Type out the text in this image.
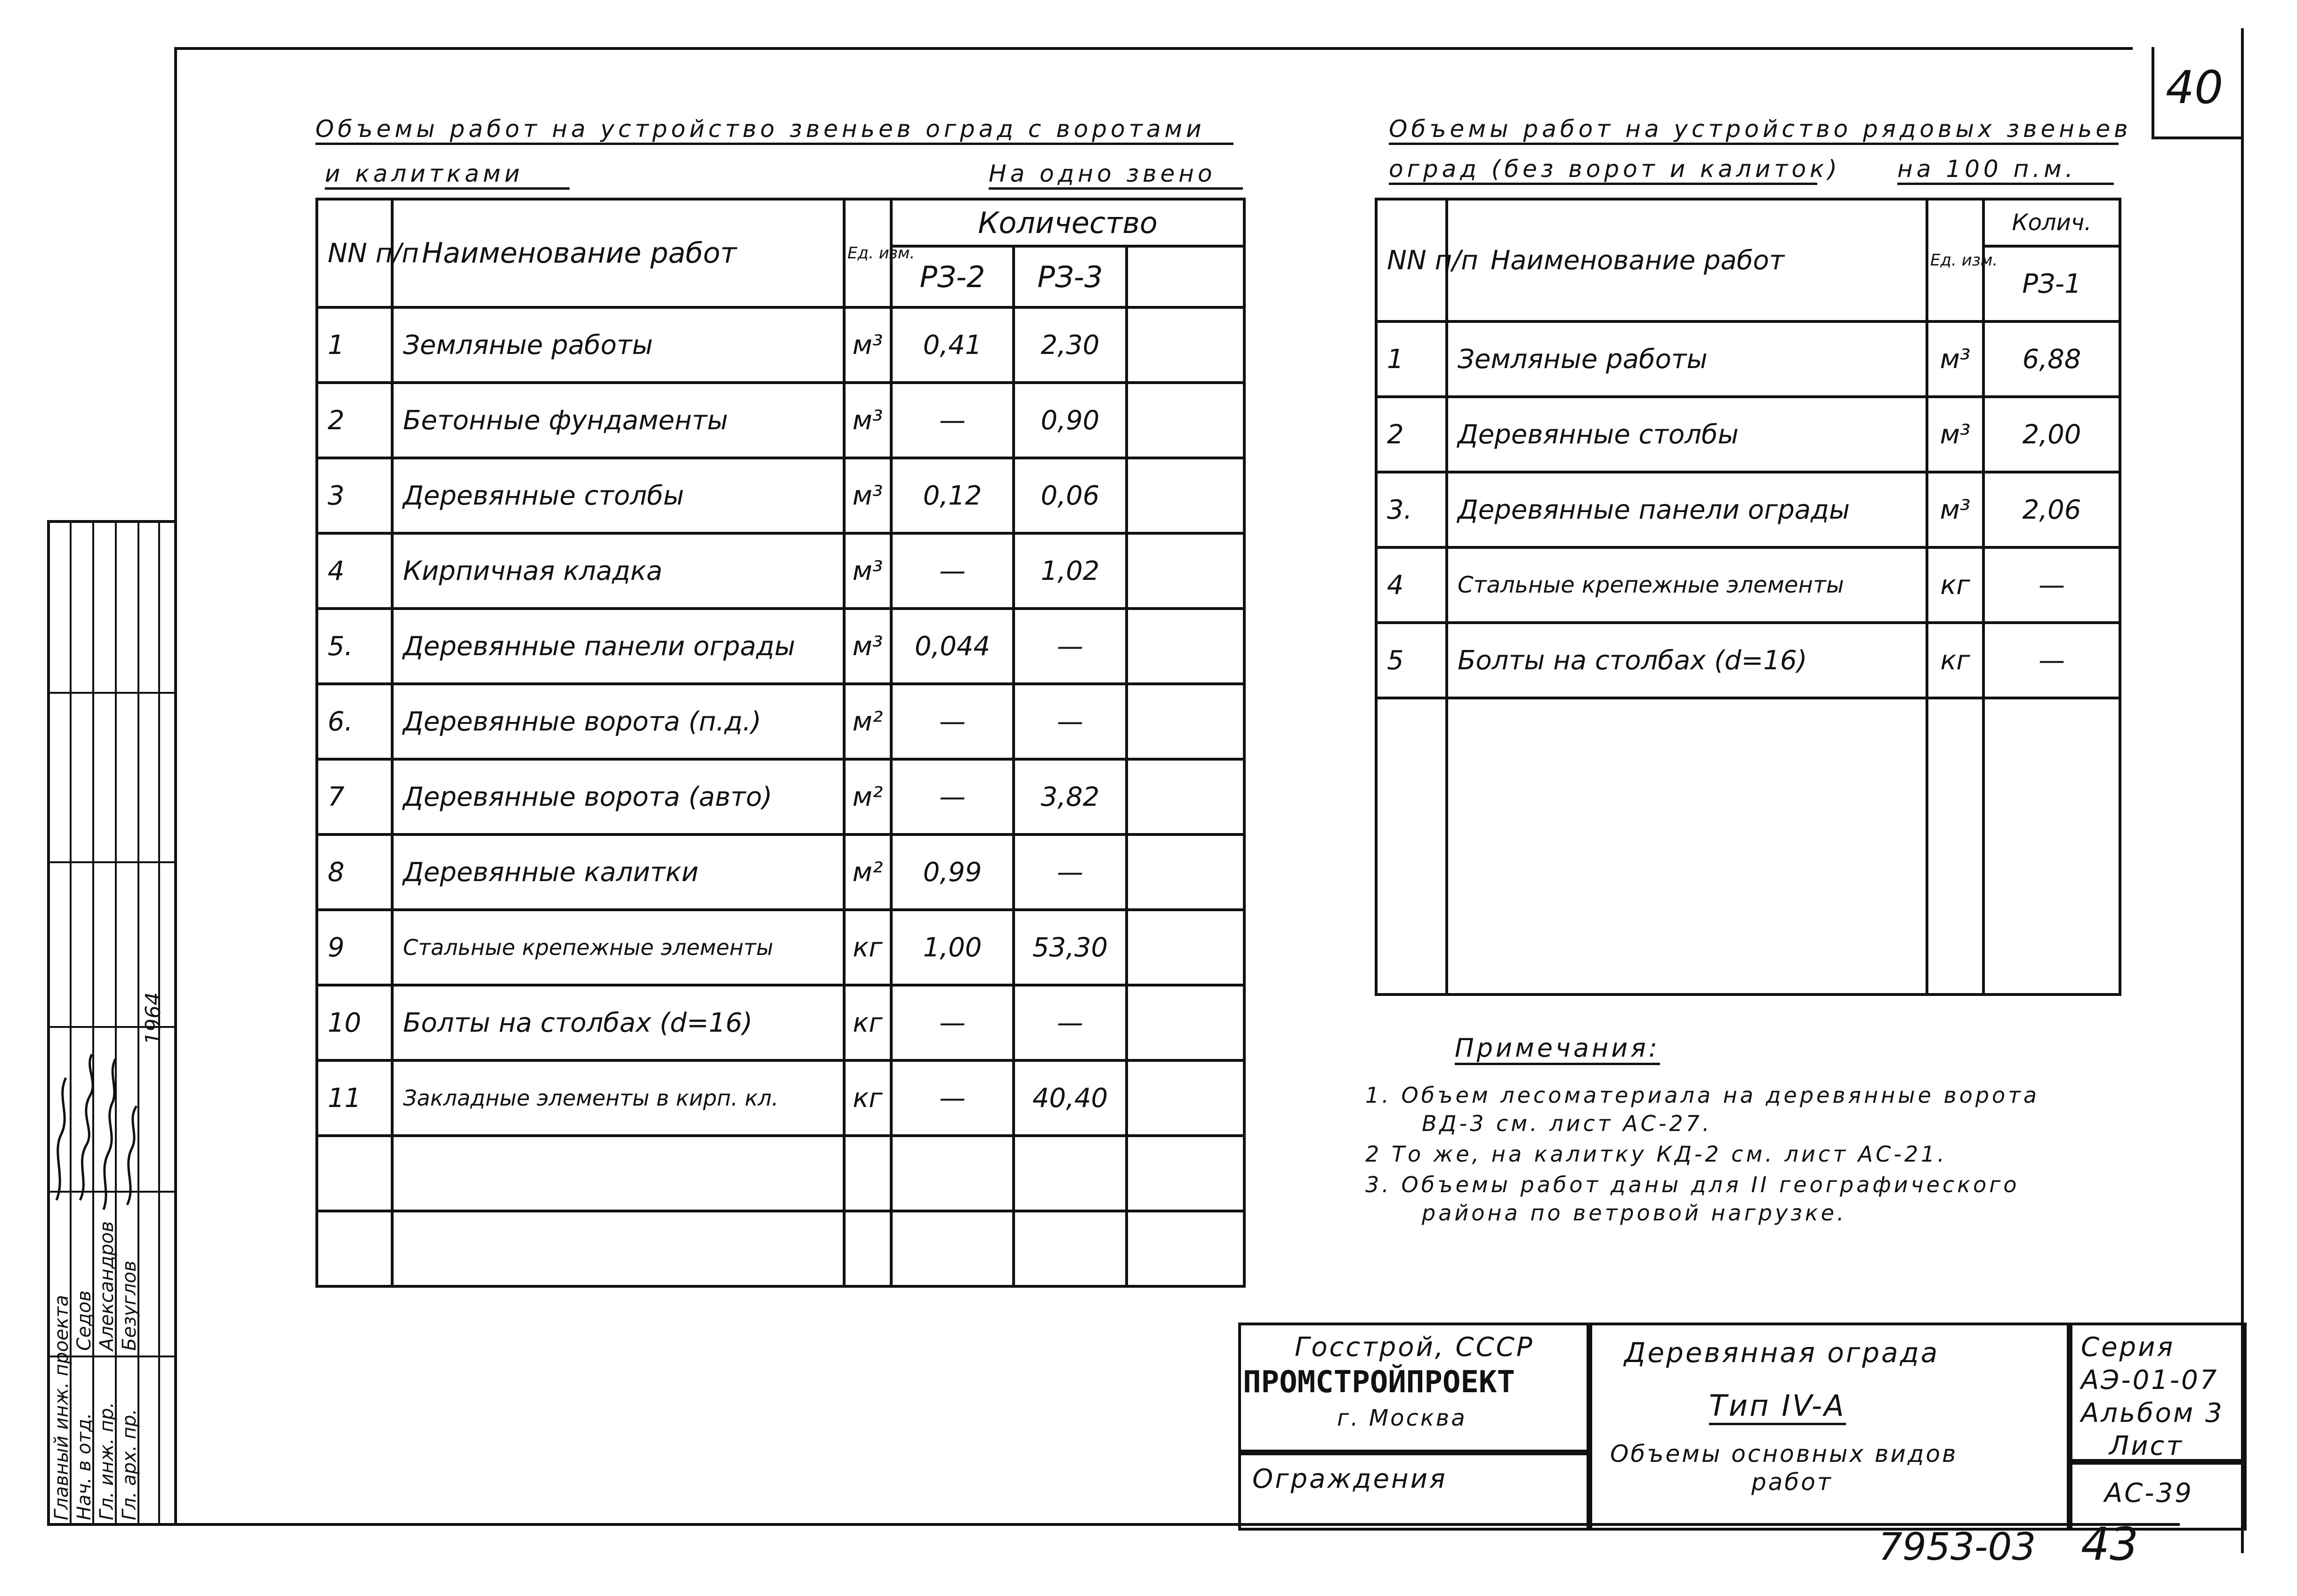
40
Объемы работ на устройство звеньев оград с воротами
и калитками	На одно звено
NN п/п	Наименование работ	Ед. изм.	Количество		
			РЗ-2	РЗ-3	
1	Земляные работы	м³	0,41	2,30	
2	Бетонные фундаменты	м³	—	0,90	
3	Деревянные столбы	м³	0,12	0,06	
4	Кирпичная кладка	м³	—	1,02	
5.	Деревянные панели ограды	м³	0,044	—	
6.	Деревянные ворота (п.д.)	м²	—	—	
7	Деревянные ворота (авто)	м²	—	3,82	
8	Деревянные калитки	м²	0,99	—	
9	Стальные крепежные элементы	кг	1,00	53,30	
10	Болты на столбах (d=16)	кг	—	—	
11	Закладные элементы в кирп. кл.	кг	—	40,40	

Объемы работ на устройство рядовых звеньев
оград (без ворот и калиток) на 100 п.м.
NN п/п	Наименование работ	Ед. изм.	Колич.
			РЗ-1
1	Земляные работы	м³	6,88
2	Деревянные столбы	м³	2,00
3.	Деревянные панели ограды	м³	2,06
4	Стальные крепежные элементы	кг	—
5	Болты на столбах (d=16)	кг	—

Примечания:
1. Объем лесоматериала на деревянные ворота
ВД-3 см. лист АС-27.
2 То же, на калитку КД-2 см. лист АС-21.
3. Объемы работ даны для II географического
района по ветровой нагрузке.
Госстрой, СССР
ПРОМСТРОЙПРОЕКТ
г. Москва
Ограждения
Деревянная ограда
Тип IV-А
Объемы основных видов
работ
Серия
АЭ-01-07
Альбом 3
Лист
АС-39
7953-03 43
Главный инж. проекта Нач. в отд. Гл. инж. пр. Гл. арх. пр.
Седов Александров Безуглов
1964
